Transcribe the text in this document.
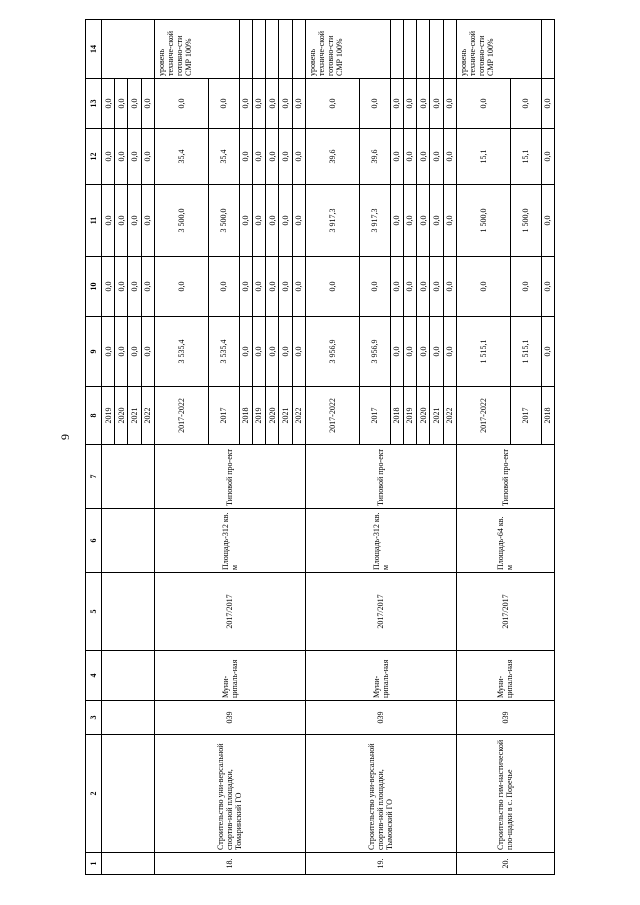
9
1	2	3	4	5	6	7	8	9	10	11	12	13	14
							2019	0,0	0,0	0,0	0,0	0,0	
							2020	0,0	0,0	0,0	0,0	0,0	
							2021	0,0	0,0	0,0	0,0	0,0	
							2022	0,0	0,0	0,0	0,0	0,0	
18.	Строительство уни-версальной спортив-ной площадки, Томаринский ГО	039	Муни-ципаль-ная	2017/2017	Площадь-312 кв. м	Типовой про-ект	2017-2022	3 535,4	0,0	3 500,0	35,4	0,0	уровень техниче-ской готовно-сти СМР 100%
							2017	3 535,4	0,0	3 500,0	35,4	0,0	
							2018	0,0	0,0	0,0	0,0	0,0	
							2019	0,0	0,0	0,0	0,0	0,0	
							2020	0,0	0,0	0,0	0,0	0,0	
							2021	0,0	0,0	0,0	0,0	0,0	
							2022	0,0	0,0	0,0	0,0	0,0	
19.	Строительство уни-версальной спортив-ной площадки, Тымовский ГО	039	Муни-ципаль-ная	2017/2017	Площадь-312 кв. м	Типовой про-ект	2017-2022	3 956,9	0,0	3 917,3	39,6	0,0	уровень техниче-ской готовно-сти СМР 100%
							2017	3 956,9	0,0	3 917,3	39,6	0,0	
							2018	0,0	0,0	0,0	0,0	0,0	
							2019	0,0	0,0	0,0	0,0	0,0	
							2020	0,0	0,0	0,0	0,0	0,0	
							2021	0,0	0,0	0,0	0,0	0,0	
							2022	0,0	0,0	0,0	0,0	0,0	
20.	Строительство гим-настической пло-щадки в с. Поречье	039	Муни-ципаль-ная	2017/2017	Площадь-64 кв. м	Типовой про-ект	2017-2022	1 515,1	0,0	1 500,0	15,1	0,0	уровень техниче-ской готовно-сти СМР 100%
							2017	1 515,1	0,0	1 500,0	15,1	0,0	
							2018	0,0	0,0	0,0	0,0	0,0	
